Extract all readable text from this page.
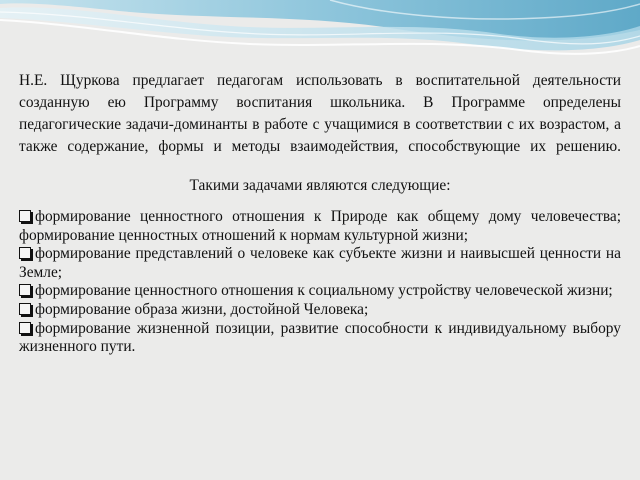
Н.Е. Щуркова предлагает педагогам использовать в воспитательной деятельности созданную ею Программу воспитания школьника. В Программе определены педагогические задачи-доминанты в работе с учащимися в соответствии с их возрастом, а также содержание, формы и методы взаимодействия, способствующие их решению.

Такими задачами являются следующие:

формирование ценностного отношения к Природе как общему дому человечества; формирование ценностных отношений к нормам культурной жизни;
формирование представлений о человеке как субъекте жизни и наивысшей ценности на Земле;
формирование ценностного отношения к социальному устройству человеческой жизни;
формирование образа жизни, достойной Человека;
формирование жизненной позиции, развитие способности к индивидуальному выбору жизненного пути.
